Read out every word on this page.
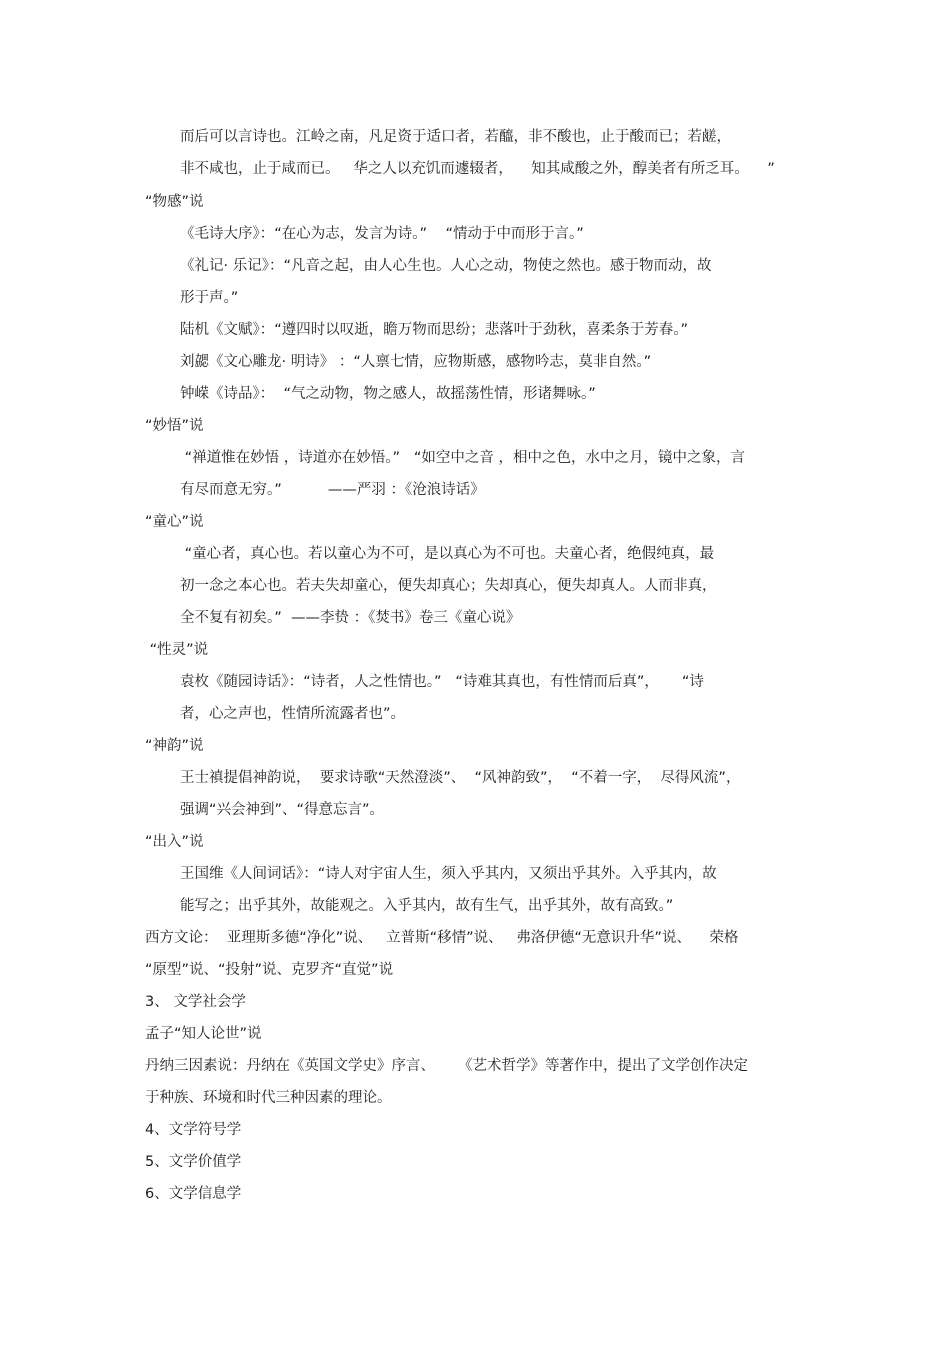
而后可以言诗也。江岭之南，凡足资于适口者，若醯，非不酸也，止于酸而已；若鹾，

非不咸也，止于咸而已。   华之人以充饥而遽辍者，    知其咸酸之外，醇美者有所乏耳。    ”

“物感”说

《毛诗大序》：“在心为志，发言为诗。”    “情动于中而形于言。”

《礼记· 乐记》：“凡音之起，由人心生也。人心之动，物使之然也。感于物而动，故

形于声。”

陆机《文赋》：“遵四时以叹逝，瞻万物而思纷；悲落叶于劲秋，喜柔条于芳春。”

刘勰《文心雕龙· 明诗》 ：“人禀七情，应物斯感，感物吟志，莫非自然。”

钟嵘《诗品》：  “气之动物，物之感人，故摇荡性情，形诸舞咏。”

“妙悟”说

“禅道惟在妙悟 ，诗道亦在妙悟。”   “如空中之音 ，相中之色，水中之月，镜中之象，言

有尽而意无穷。”          ——严羽 ：《沧浪诗话》

“童心”说

“童心者，真心也。若以童心为不可，是以真心为不可也。夫童心者，绝假纯真，最

初一念之本心也。若夫失却童心，便失却真心；失却真心，便失却真人。人而非真，

全不复有初矣。”  ——李贽 ：《焚书》卷三《童心说》

“性灵”说

袁枚《随园诗话》：“诗者，人之性情也。”   “诗难其真也，有性情而后真”，     “诗

者，心之声也，性情所流露者也”。

“神韵”说

王士禛提倡神韵说，  要求诗歌“天然澄淡”、  “风神韵致”，  “不着一字，  尽得风流”，

强调“兴会神到”、“得意忘言”。

“出入”说

王国维《人间词话》：“诗人对宇宙人生，须入乎其内，又须出乎其外。入乎其内，故

能写之；出乎其外，故能观之。入乎其内，故有生气，出乎其外，故有高致。”

西方文论：  亚理斯多德“净化”说、   立普斯“移情”说、   弗洛伊德“无意识升华”说、    荣格

“原型”说、“投射”说、克罗齐“直觉”说

3、 文学社会学

孟子“知人论世”说

丹纳三因素说：丹纳在《英国文学史》序言、     《艺术哲学》等著作中，提出了文学创作决定

于种族、环境和时代三种因素的理论。

4、文学符号学

5、文学价值学

6、文学信息学
